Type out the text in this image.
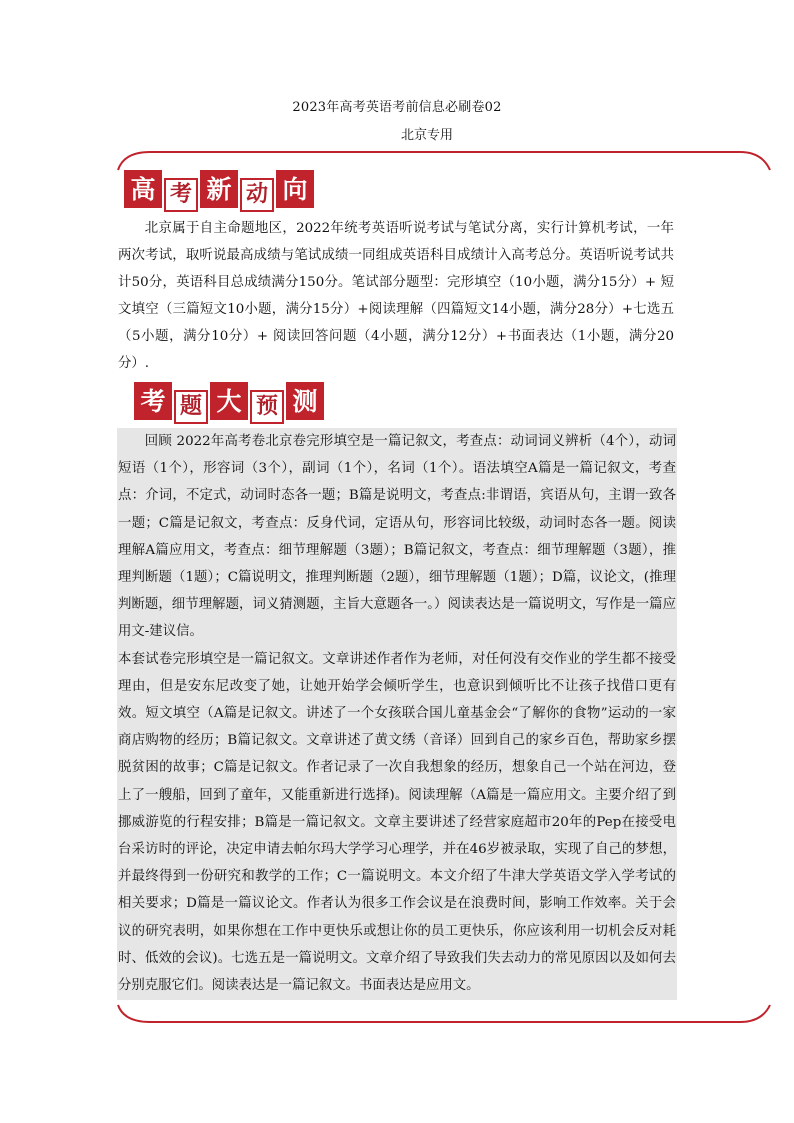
2023年高考英语考前信息必刷卷02
北京专用
高 考 新 动 向
北京属于自主命题地区，2022年统考英语听说考试与笔试分离，实行计算机考试，一年两次考试，取听说最高成绩与笔试成绩一同组成英语科目成绩计入高考总分。英语听说考试共计50分，英语科目总成绩满分150分。笔试部分题型：完形填空（10小题，满分15分）+ 短文填空（三篇短文10小题，满分15分）+阅读理解（四篇短文14小题，满分28分）+七选五（5小题，满分10分）+ 阅读回答问题（4小题，满分12分）+书面表达（1小题，满分20分）.
考 题 大 预 测

回顾 2022年高考卷北京卷完形填空是一篇记叙文，考查点：动词词义辨析（4个），动词短语（1个），形容词（3个），副词（1个），名词（1个）。语法填空A篇是一篇记叙文，考查点：介词，不定式，动词时态各一题；B篇是说明文，考查点:非谓语，宾语从句，主谓一致各一题；C篇是记叙文，考查点：反身代词，定语从句，形容词比较级，动词时态各一题。阅读理解A篇应用文，考查点：细节理解题（3题）；B篇记叙文，考查点：细节理解题（3题），推理判断题（1题）；C篇说明文，推理判断题（2题），细节理解题（1题）；D篇，议论文，(推理判断题，细节理解题，词义猜测题，主旨大意题各一。）阅读表达是一篇说明文，写作是一篇应用文-建议信。

本套试卷完形填空是一篇记叙文。文章讲述作者作为老师，对任何没有交作业的学生都不接受理由，但是安东尼改变了她，让她开始学会倾听学生，也意识到倾听比不让孩子找借口更有效。短文填空（A篇是记叙文。讲述了一个女孩联合国儿童基金会“了解你的食物”运动的一家商店购物的经历；B篇记叙文。文章讲述了黄文绣（音译）回到自己的家乡百色，帮助家乡摆脱贫困的故事；C篇是记叙文。作者记录了一次自我想象的经历，想象自己一个站在河边，登上了一艘船，回到了童年，又能重新进行选择)。阅读理解（A篇是一篇应用文。主要介绍了到挪威游览的行程安排；B篇是一篇记叙文。文章主要讲述了经营家庭超市20年的Pep在接受电台采访时的评论，决定申请去帕尔玛大学学习心理学，并在46岁被录取，实现了自己的梦想，并最终得到一份研究和教学的工作；C一篇说明文。本文介绍了牛津大学英语文学入学考试的相关要求；D篇是一篇议论文。作者认为很多工作会议是在浪费时间，影响工作效率。关于会议的研究表明，如果你想在工作中更快乐或想让你的员工更快乐，你应该利用一切机会反对耗时、低效的会议)。七选五是一篇说明文。文章介绍了导致我们失去动力的常见原因以及如何去分别克服它们。阅读表达是一篇记叙文。书面表达是应用文。
